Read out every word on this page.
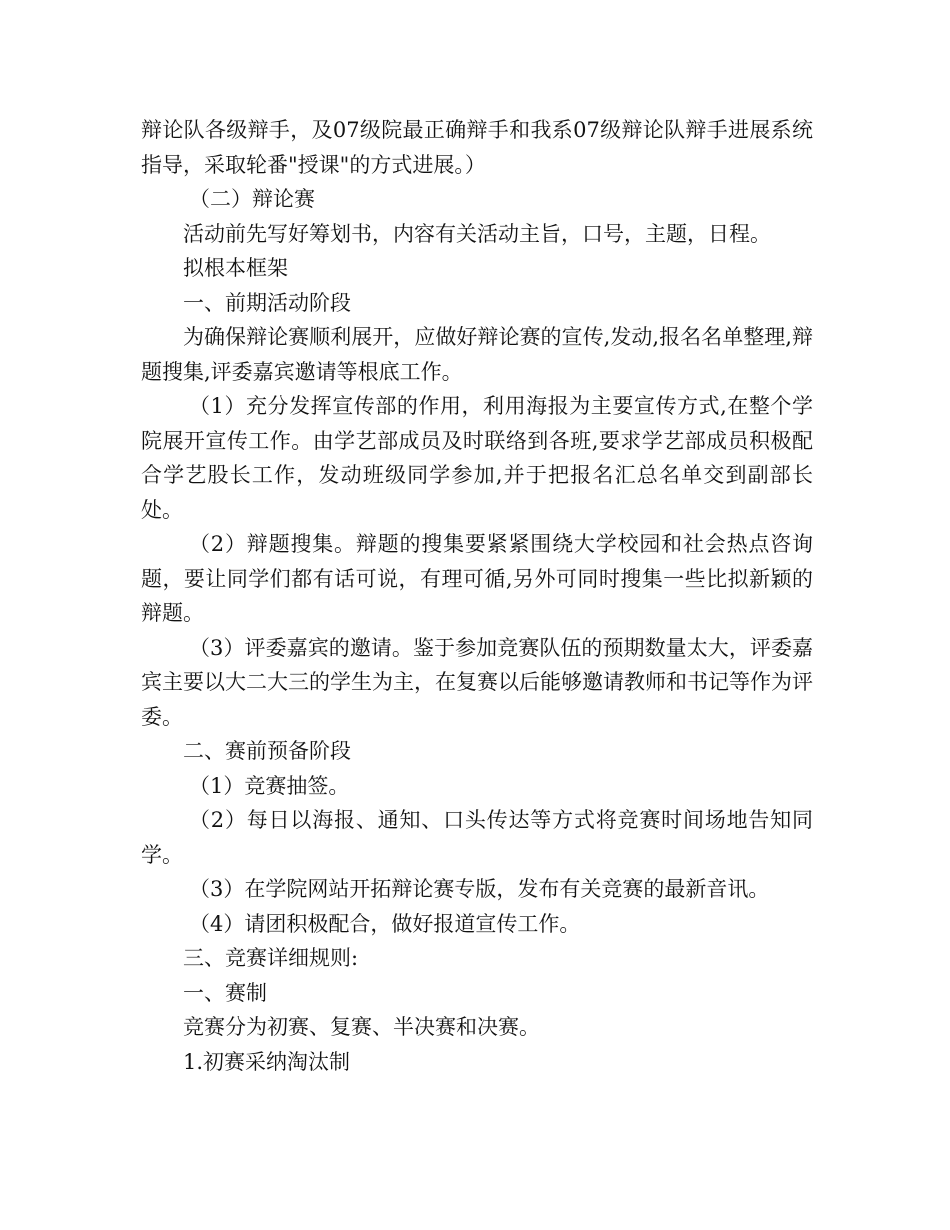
辩论队各级辩手，及07级院最正确辩手和我系07级辩论队辩手进展系统指导，采取轮番"授课"的方式进展。）

（二）辩论赛

活动前先写好筹划书，内容有关活动主旨，口号，主题，日程。

拟根本框架

一、前期活动阶段

为确保辩论赛顺利展开，应做好辩论赛的宣传,发动,报名名单整理,辩题搜集,评委嘉宾邀请等根底工作。

（1）充分发挥宣传部的作用，利用海报为主要宣传方式,在整个学院展开宣传工作。由学艺部成员及时联络到各班,要求学艺部成员积极配合学艺股长工作，发动班级同学参加,并于把报名汇总名单交到副部长处。

（2）辩题搜集。辩题的搜集要紧紧围绕大学校园和社会热点咨询题，要让同学们都有话可说，有理可循,另外可同时搜集一些比拟新颖的辩题。

（3）评委嘉宾的邀请。鉴于参加竞赛队伍的预期数量太大，评委嘉宾主要以大二大三的学生为主，在复赛以后能够邀请教师和书记等作为评委。

二、赛前预备阶段

（1）竞赛抽签。

（2）每日以海报、通知、口头传达等方式将竞赛时间场地告知同学。

（3）在学院网站开拓辩论赛专版，发布有关竞赛的最新音讯。

（4）请团积极配合，做好报道宣传工作。

三、竞赛详细规则:

一、赛制

竞赛分为初赛、复赛、半决赛和决赛。

1.初赛采纳淘汰制
